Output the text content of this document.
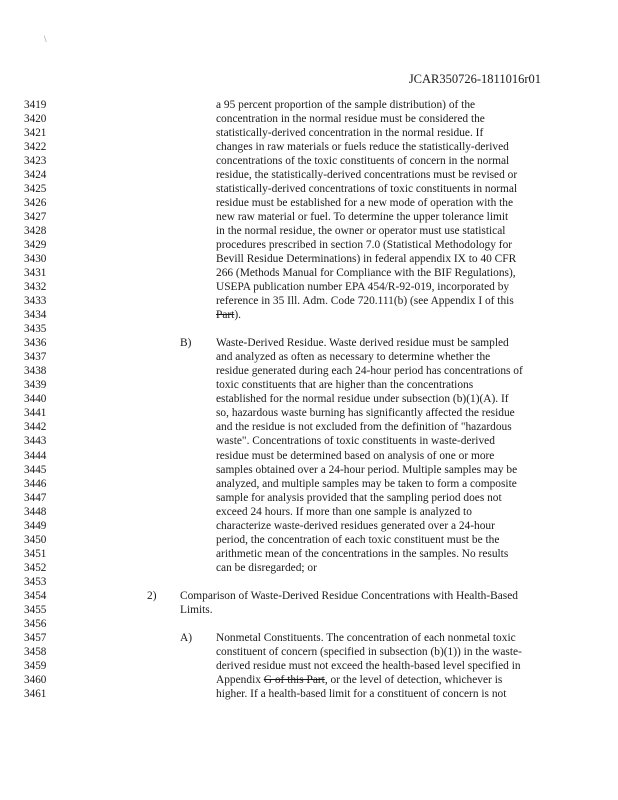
\
JCAR350726-1811016r01
3419	a 95 percent proportion of the sample distribution) of the
3420	concentration in the normal residue must be considered the
3421	statistically-derived concentration in the normal residue. If
3422	changes in raw materials or fuels reduce the statistically-derived
3423	concentrations of the toxic constituents of concern in the normal
3424	residue, the statistically-derived concentrations must be revised or
3425	statistically-derived concentrations of toxic constituents in normal
3426	residue must be established for a new mode of operation with the
3427	new raw material or fuel. To determine the upper tolerance limit
3428	in the normal residue, the owner or operator must use statistical
3429	procedures prescribed in section 7.0 (Statistical Methodology for
3430	Bevill Residue Determinations) in federal appendix IX to 40 CFR
3431	266 (Methods Manual for Compliance with the BIF Regulations),
3432	USEPA publication number EPA 454/R-92-019, incorporated by
3433	reference in 35 Ill. Adm. Code 720.111(b) (see Appendix I of this
3434	Part).
3435
3436	B) Waste-Derived Residue. Waste derived residue must be sampled
3437	and analyzed as often as necessary to determine whether the
3438	residue generated during each 24-hour period has concentrations of
3439	toxic constituents that are higher than the concentrations
3440	established for the normal residue under subsection (b)(1)(A). If
3441	so, hazardous waste burning has significantly affected the residue
3442	and the residue is not excluded from the definition of "hazardous
3443	waste". Concentrations of toxic constituents in waste-derived
3444	residue must be determined based on analysis of one or more
3445	samples obtained over a 24-hour period. Multiple samples may be
3446	analyzed, and multiple samples may be taken to form a composite
3447	sample for analysis provided that the sampling period does not
3448	exceed 24 hours. If more than one sample is analyzed to
3449	characterize waste-derived residues generated over a 24-hour
3450	period, the concentration of each toxic constituent must be the
3451	arithmetic mean of the concentrations in the samples. No results
3452	can be disregarded; or
3453
3454	2) Comparison of Waste-Derived Residue Concentrations with Health-Based
3455	Limits.
3456
3457	A) Nonmetal Constituents. The concentration of each nonmetal toxic
3458	constituent of concern (specified in subsection (b)(1)) in the waste-
3459	derived residue must not exceed the health-based level specified in
3460	Appendix G of this Part, or the level of detection, whichever is
3461	higher. If a health-based limit for a constituent of concern is not
